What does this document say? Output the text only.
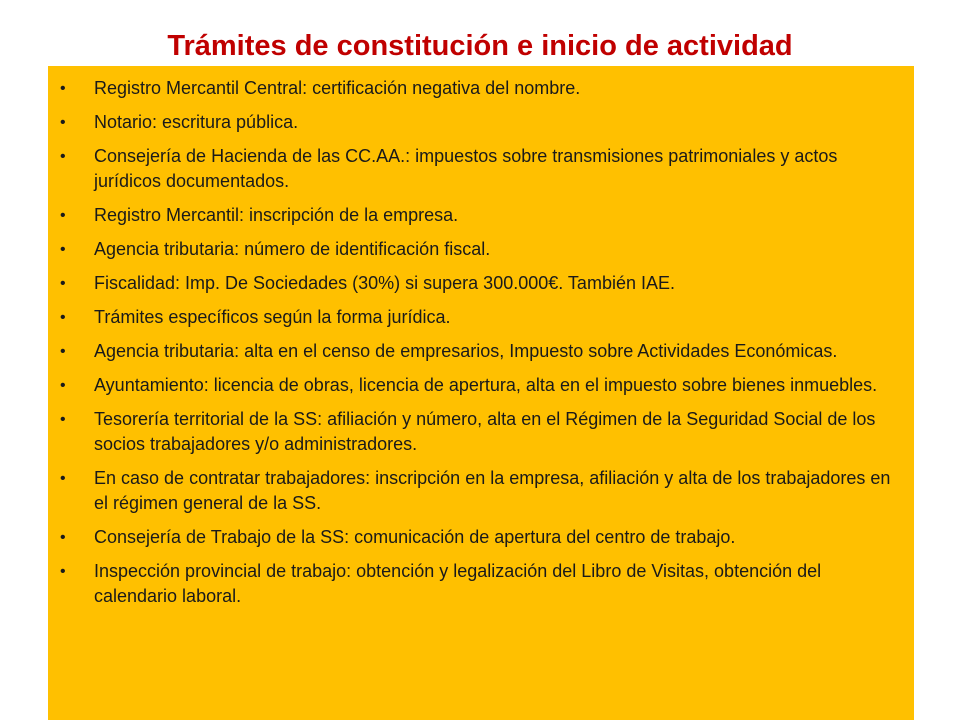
Trámites de constitución e inicio de actividad
• Registro Mercantil Central: certificación negativa del nombre.
• Notario: escritura pública.
• Consejería de Hacienda de las CC.AA.: impuestos sobre transmisiones patrimoniales y actos jurídicos documentados.
• Registro Mercantil: inscripción de la empresa.
• Agencia tributaria: número de identificación fiscal.
• Fiscalidad: Imp. De Sociedades (30%) si supera 300.000€. También IAE.
• Trámites específicos según la forma jurídica.
• Agencia tributaria: alta en el censo de empresarios, Impuesto sobre Actividades Económicas.
• Ayuntamiento: licencia de obras, licencia de apertura, alta en el impuesto sobre bienes inmuebles.
• Tesorería territorial de la SS: afiliación y número, alta en el Régimen de la Seguridad Social de los socios trabajadores y/o administradores.
• En caso de contratar trabajadores: inscripción en la empresa, afiliación y alta de los trabajadores en el régimen general de la SS.
• Consejería de Trabajo de la SS: comunicación de apertura del centro de trabajo.
• Inspección provincial de trabajo: obtención y legalización del Libro de Visitas, obtención del calendario laboral.
